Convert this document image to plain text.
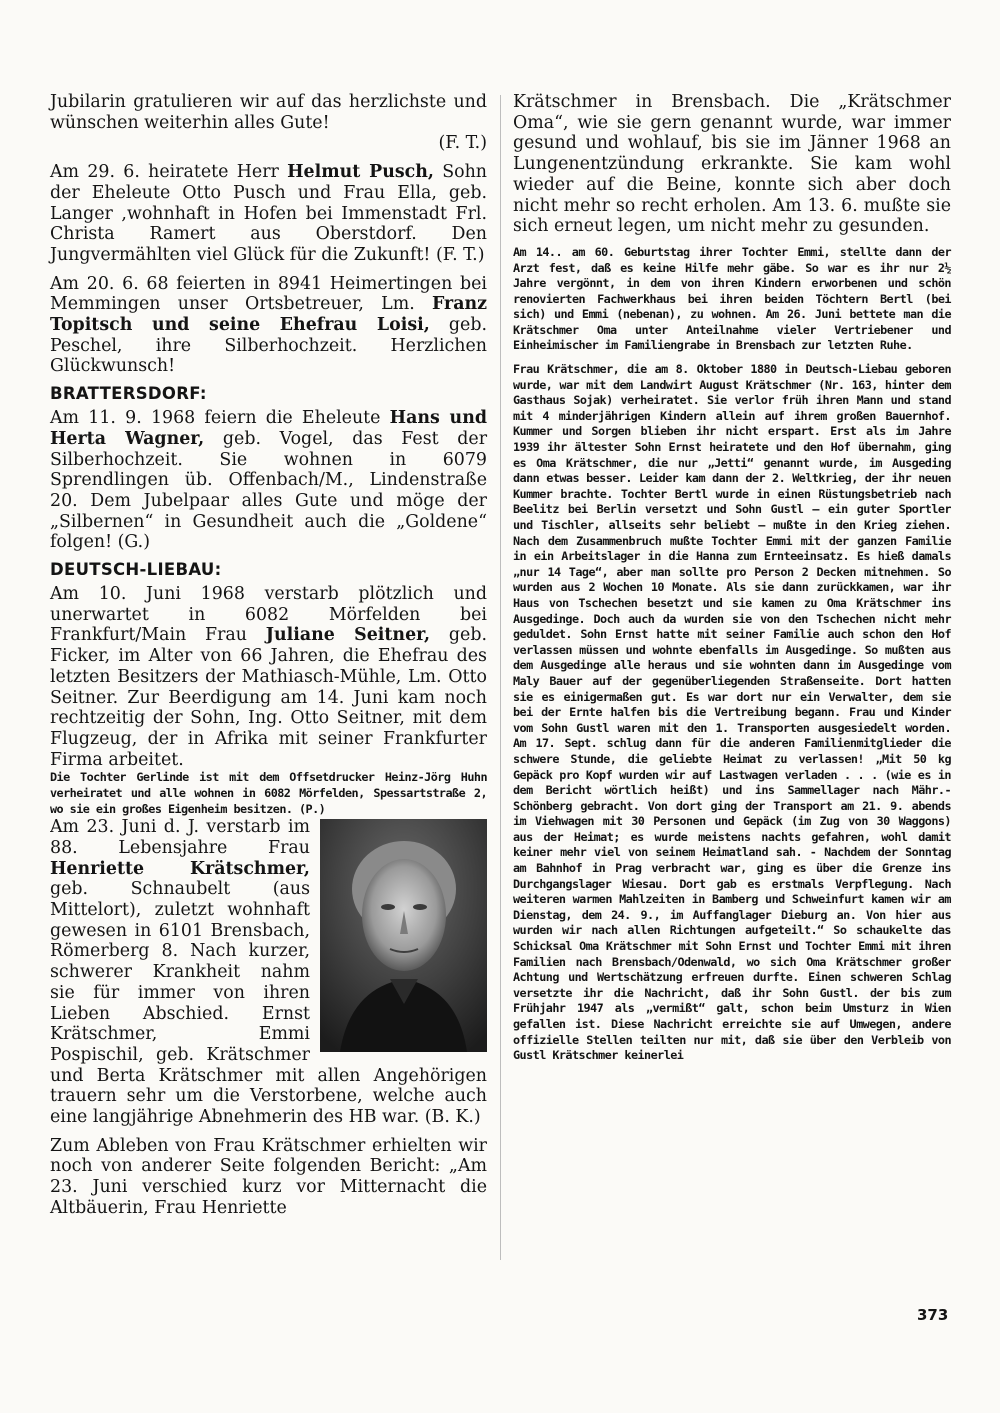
Jubilarin gratulieren wir auf das herzlichste und wünschen weiterhin alles Gute!

(F. T.)

Am 29. 6. heiratete Herr Helmut Pusch, Sohn der Eheleute Otto Pusch und Frau Ella, geb. Langer ,wohnhaft in Hofen bei Immenstadt Frl. Christa Ramert aus Oberstdorf. Den Jungvermählten viel Glück für die Zukunft! (F. T.)

Am 20. 6. 68 feierten in 8941 Heimertingen bei Memmingen unser Ortsbetreuer, Lm. Franz Topitsch und seine Ehefrau Loisi, geb. Peschel, ihre Silberhochzeit. Herzlichen Glückwunsch!

BRATTERSDORF:

Am 11. 9. 1968 feiern die Eheleute Hans und Herta Wagner, geb. Vogel, das Fest der Silberhochzeit. Sie wohnen in 6079 Sprendlingen üb. Offenbach/M., Lindenstraße 20. Dem Jubelpaar alles Gute und möge der „Silbernen“ in Gesundheit auch die „Goldene“ folgen! (G.)

DEUTSCH-LIEBAU:

Am 10. Juni 1968 verstarb plötzlich und unerwartet in 6082 Mörfelden bei Frankfurt/Main Frau Juliane Seitner, geb. Ficker, im Alter von 66 Jahren, die Ehefrau des letzten Besitzers der Mathiasch-Mühle, Lm. Otto Seitner. Zur Beerdigung am 14. Juni kam noch rechtzeitig der Sohn, Ing. Otto Seitner, mit dem Flugzeug, der in Afrika mit seiner Frankfurter Firma arbeitet.

Die Tochter Gerlinde ist mit dem Offsetdrucker Heinz-Jörg Huhn verheiratet und alle wohnen in 6082 Mörfelden, Spessartstraße 2, wo sie ein großes Eigenheim besitzen. (P.)

Am 23. Juni d. J. verstarb im 88. Lebensjahre Frau Henriette Krätschmer, geb. Schnaubelt (aus Mittelort), zuletzt wohnhaft gewesen in 6101 Brensbach, Römerberg 8. Nach kurzer, schwerer Krankheit nahm sie für immer von ihren Lieben Abschied. Ernst Krätschmer, Emmi Pospischil, geb. Krätschmer und Berta Krätschmer mit allen Angehörigen trauern sehr um die Verstorbene, welche auch eine langjährige Abnehmerin des HB war. (B. K.)

Zum Ableben von Frau Krätschmer erhielten wir noch von anderer Seite folgenden Bericht: „Am 23. Juni verschied kurz vor Mitternacht die Altbäuerin, Frau Henriette

Krätschmer in Brensbach. Die „Krätschmer Oma“, wie sie gern genannt wurde, war immer gesund und wohlauf, bis sie im Jänner 1968 an Lungenentzündung erkrankte. Sie kam wohl wieder auf die Beine, konnte sich aber doch nicht mehr so recht erholen. Am 13. 6. mußte sie sich erneut legen, um nicht mehr zu gesunden.

Am 14.. am 60. Geburtstag ihrer Tochter Emmi, stellte dann der Arzt fest, daß es keine Hilfe mehr gäbe. So war es ihr nur 2½ Jahre vergönnt, in dem von ihren Kindern erworbenen und schön renovierten Fachwerkhaus bei ihren beiden Töchtern Bertl (bei sich) und Emmi (nebenan), zu wohnen. Am 26. Juni bettete man die Krätschmer Oma unter Anteilnahme vieler Vertriebener und Einheimischer im Familiengrabe in Brensbach zur letzten Ruhe.

Frau Krätschmer, die am 8. Oktober 1880 in Deutsch-Liebau geboren wurde, war mit dem Landwirt August Krätschmer (Nr. 163, hinter dem Gasthaus Sojak) verheiratet. Sie verlor früh ihren Mann und stand mit 4 minderjährigen Kindern allein auf ihrem großen Bauernhof. Kummer und Sorgen blieben ihr nicht erspart. Erst als im Jahre 1939 ihr ältester Sohn Ernst heiratete und den Hof übernahm, ging es Oma Krätschmer, die nur „Jetti“ genannt wurde, im Ausgeding dann etwas besser. Leider kam dann der 2. Weltkrieg, der ihr neuen Kummer brachte. Tochter Bertl wurde in einen Rüstungsbetrieb nach Beelitz bei Berlin versetzt und Sohn Gustl — ein guter Sportler und Tischler, allseits sehr beliebt — mußte in den Krieg ziehen. Nach dem Zusammenbruch mußte Tochter Emmi mit der ganzen Familie in ein Arbeitslager in die Hanna zum Ernteeinsatz. Es hieß damals „nur 14 Tage“, aber man sollte pro Person 2 Decken mitnehmen. So wurden aus 2 Wochen 10 Monate. Als sie dann zurückkamen, war ihr Haus von Tschechen besetzt und sie kamen zu Oma Krätschmer ins Ausgedinge. Doch auch da wurden sie von den Tschechen nicht mehr geduldet. Sohn Ernst hatte mit seiner Familie auch schon den Hof verlassen müssen und wohnte ebenfalls im Ausgedinge. So mußten aus dem Ausgedinge alle heraus und sie wohnten dann im Ausgedinge vom Maly Bauer auf der gegenüberliegenden Straßenseite. Dort hatten sie es einigermaßen gut. Es war dort nur ein Verwalter, dem sie bei der Ernte halfen bis die Vertreibung begann. Frau und Kinder vom Sohn Gustl waren mit den 1. Transporten ausgesiedelt worden. Am 17. Sept. schlug dann für die anderen Familienmitglieder die schwere Stunde, die geliebte Heimat zu verlassen! „Mit 50 kg Gepäck pro Kopf wurden wir auf Lastwagen verladen . . . (wie es in dem Bericht wörtlich heißt) und ins Sammellager nach Mähr.-Schönberg gebracht. Von dort ging der Transport am 21. 9. abends im Viehwagen mit 30 Personen und Gepäck (im Zug von 30 Waggons) aus der Heimat; es wurde meistens nachts gefahren, wohl damit keiner mehr viel von seinem Heimatland sah. - Nachdem der Sonntag am Bahnhof in Prag verbracht war, ging es über die Grenze ins Durchgangslager Wiesau. Dort gab es erstmals Verpflegung. Nach weiteren warmen Mahlzeiten in Bamberg und Schweinfurt kamen wir am Dienstag, dem 24. 9., im Auffanglager Dieburg an. Von hier aus wurden wir nach allen Richtungen aufgeteilt.“ So schaukelte das Schicksal Oma Krätschmer mit Sohn Ernst und Tochter Emmi mit ihren Familien nach Brensbach/Odenwald, wo sich Oma Krätschmer großer Achtung und Wertschätzung erfreuen durfte. Einen schweren Schlag versetzte ihr die Nachricht, daß ihr Sohn Gustl. der bis zum Frühjahr 1947 als „vermißt“ galt, schon beim Umsturz in Wien gefallen ist. Diese Nachricht erreichte sie auf Umwegen, andere offizielle Stellen teilten nur mit, daß sie über den Verbleib von Gustl Krätschmer keinerlei

373
